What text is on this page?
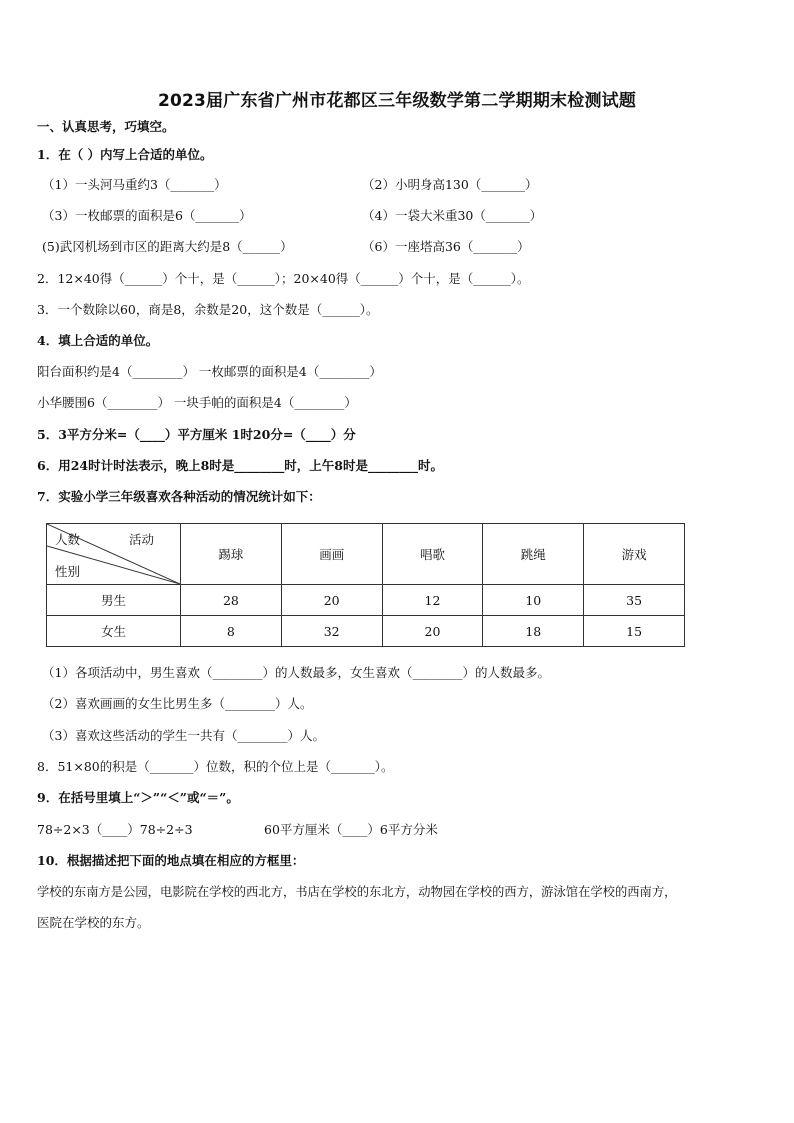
2023届广东省广州市花都区三年级数学第二学期期末检测试题
一、认真思考，巧填空。
1．在（ ）内写上合适的单位。
（1）一头河马重约3（_______）	（2）小明身高130（_______）
（3）一枚邮票的面积是6（_______）	（4）一袋大米重30（_______）
(5)武冈机场到市区的距离大约是8（______）	（6）一座塔高36（_______）
2．12×40得（______）个十，是（______）；20×40得（______）个十，是（______）。
3．一个数除以60，商是8，余数是20，这个数是（______）。
4．填上合适的单位。
阳台面积约是4（________） 一枚邮票的面积是4（________）
小华腰围6（________） 一块手帕的面积是4（________）
5．3平方分米=（____）平方厘米 1时20分=（____）分
6．用24时计时法表示，晚上8时是________时，上午8时是________时。
7．实验小学三年级喜欢各种活动的情况统计如下：
人数 活动
性别	踢球	画画	唱歌	跳绳	游戏
男生	28	20	12	10	35
女生	8	32	20	18	15
（1）各项活动中，男生喜欢（________）的人数最多，女生喜欢（________）的人数最多。
（2）喜欢画画的女生比男生多（________）人。
（3）喜欢这些活动的学生一共有（________）人。
8．51×80的积是（_______）位数，积的个位上是（_______）。
9．在括号里填上“＞”“＜”或“＝”。
78÷2×3（____）78÷2÷3	60平方厘米（____）6平方分米
10．根据描述把下面的地点填在相应的方框里：
学校的东南方是公园，电影院在学校的西北方，书店在学校的东北方，动物园在学校的西方，游泳馆在学校的西南方，
医院在学校的东方。
